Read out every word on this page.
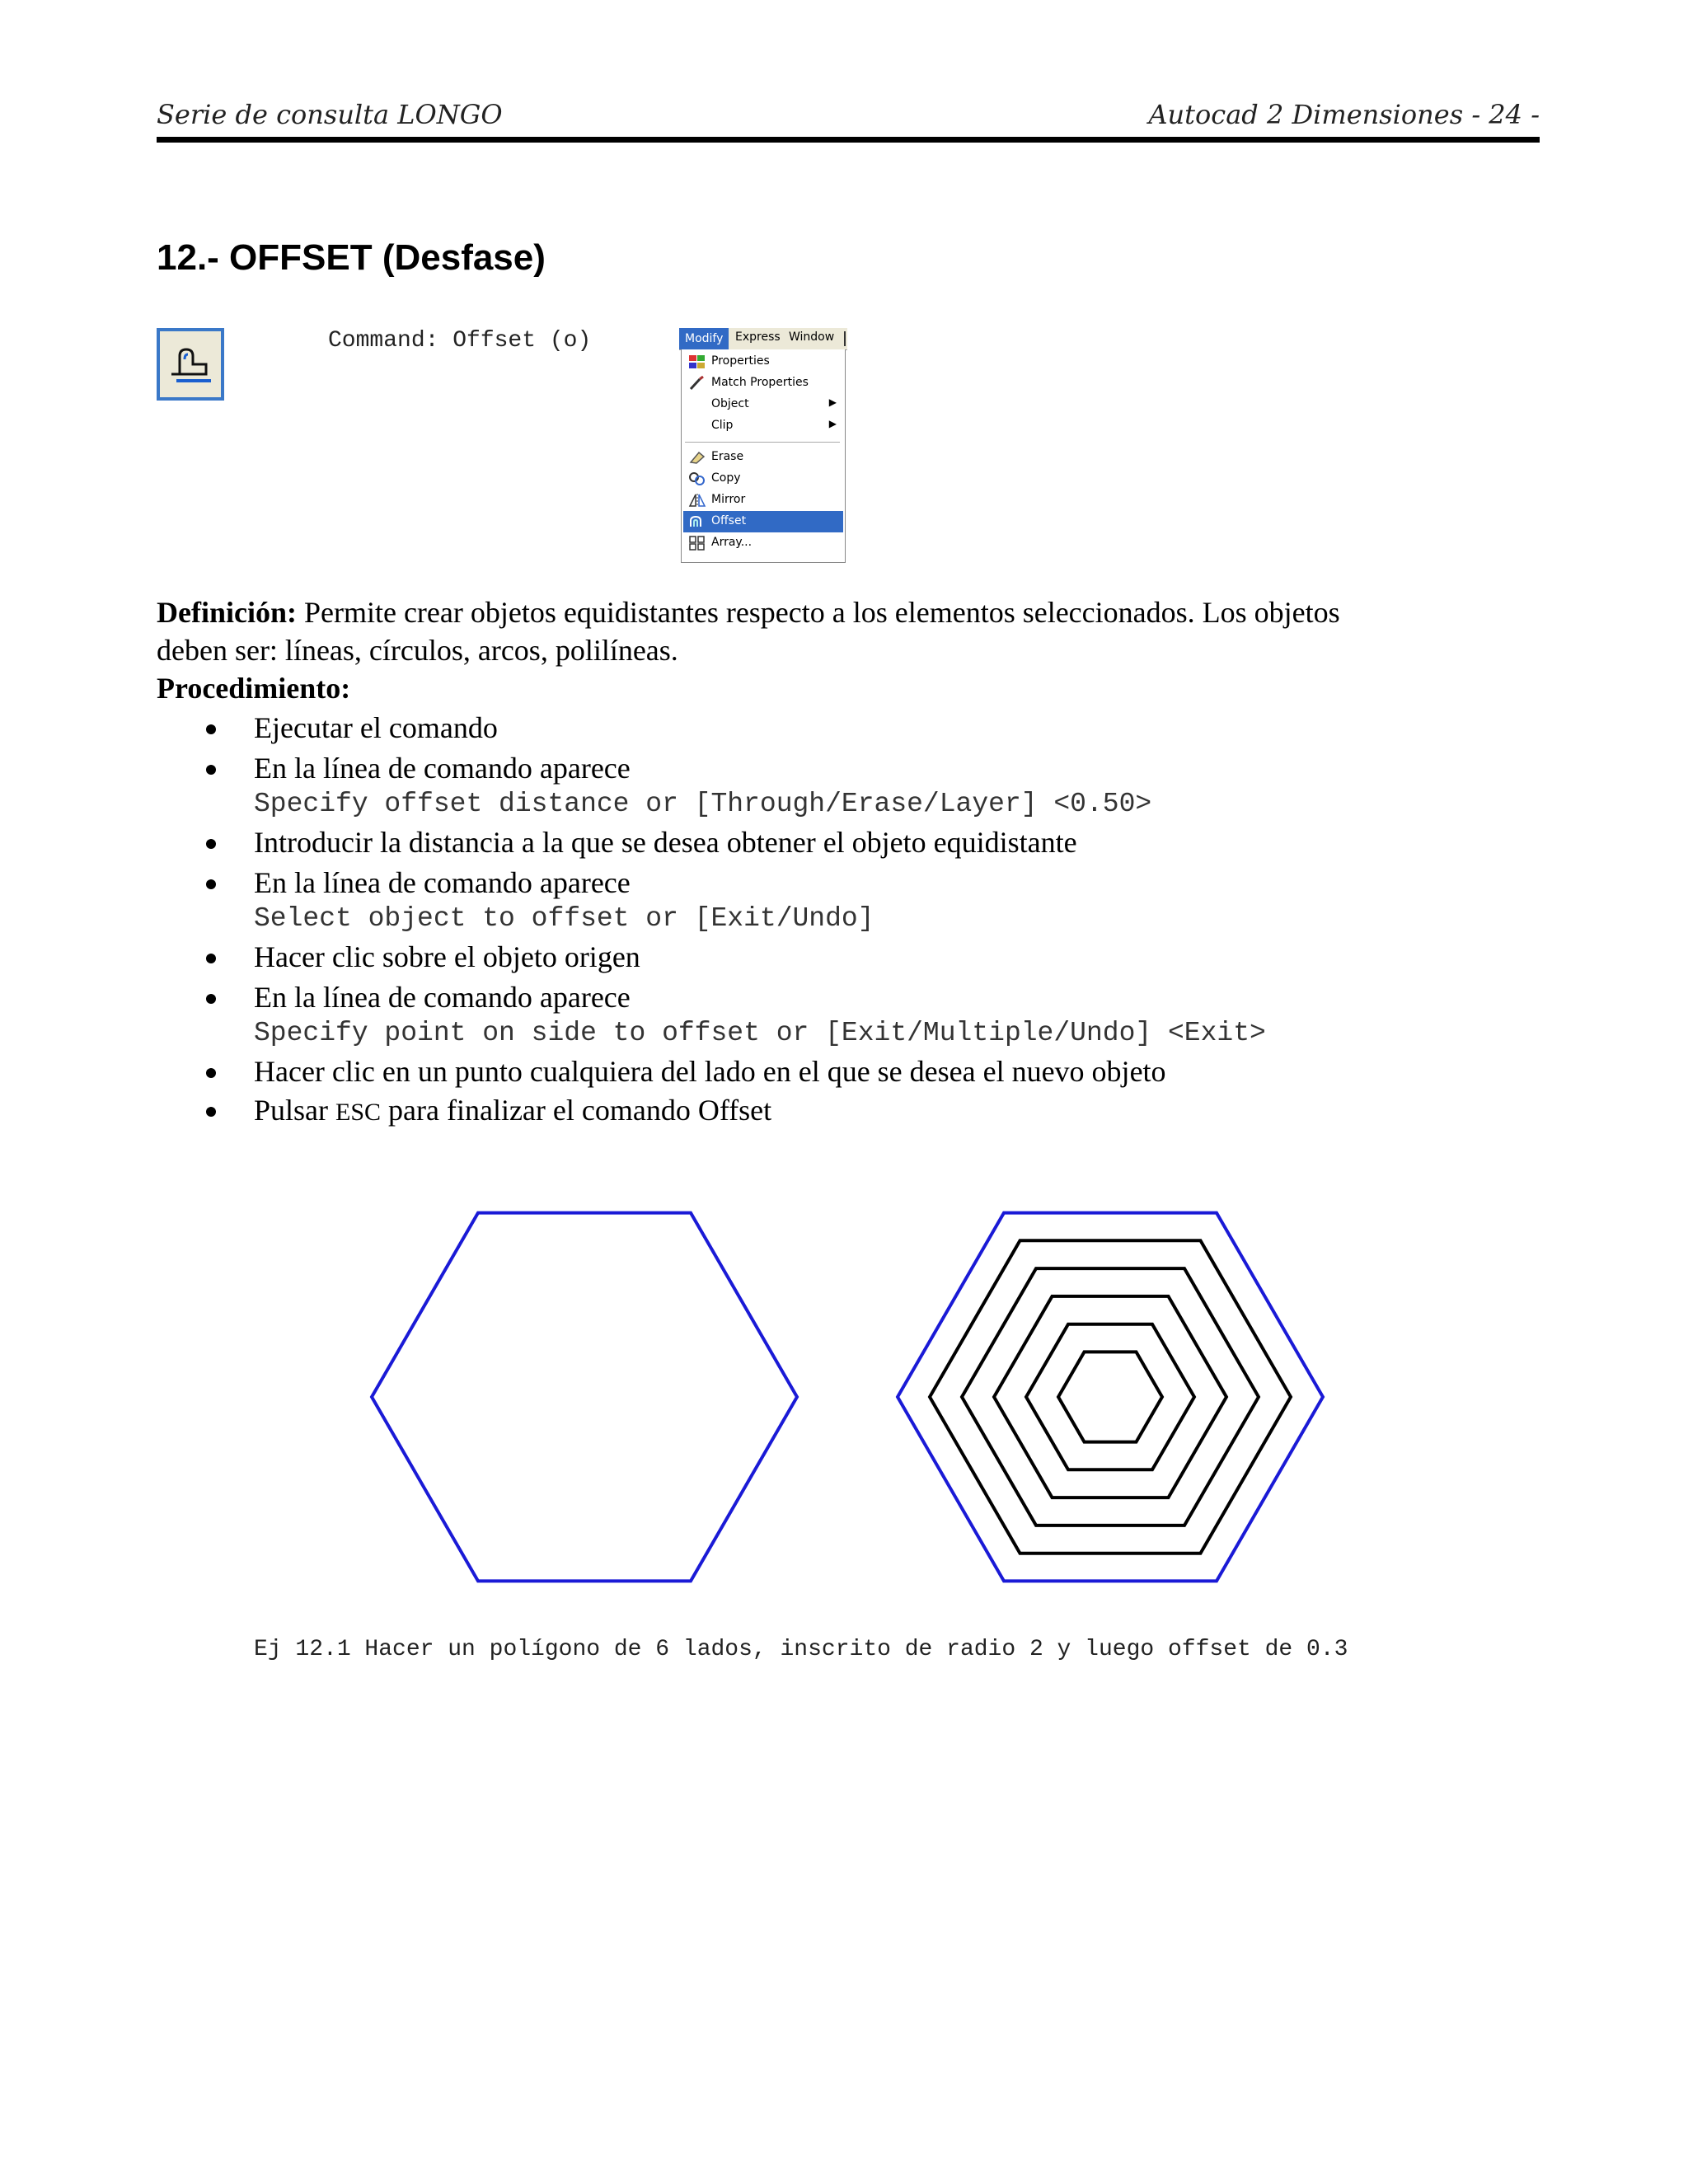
Serie de consulta LONGO	Autocad 2 Dimensiones - 24 -
12.- OFFSET (Desfase)
Command: Offset (o)	Modify	Express Window
Properties
Match Properties
Object	▶
Clip	▶
Erase
Copy
Mirror
Offset
Array...
Definición: Permite crear objetos equidistantes respecto a los elementos seleccionados. Los objetos
deben ser: líneas, círculos, arcos, polilíneas.
Procedimiento:
Ejecutar el comando
En la línea de comando aparece
Specify offset distance or [Through/Erase/Layer] <0.50>
Introducir la distancia a la que se desea obtener el objeto equidistante
En la línea de comando aparece
Select object to offset or [Exit/Undo]
Hacer clic sobre el objeto origen
En la línea de comando aparece
Specify point on side to offset or [Exit/Multiple/Undo] <Exit>
Hacer clic en un punto cualquiera del lado en el que se desea el nuevo objeto
Pulsar ESC para finalizar el comando Offset
Ej 12.1 Hacer un polígono de 6 lados, inscrito de radio 2 y luego offset de 0.3
